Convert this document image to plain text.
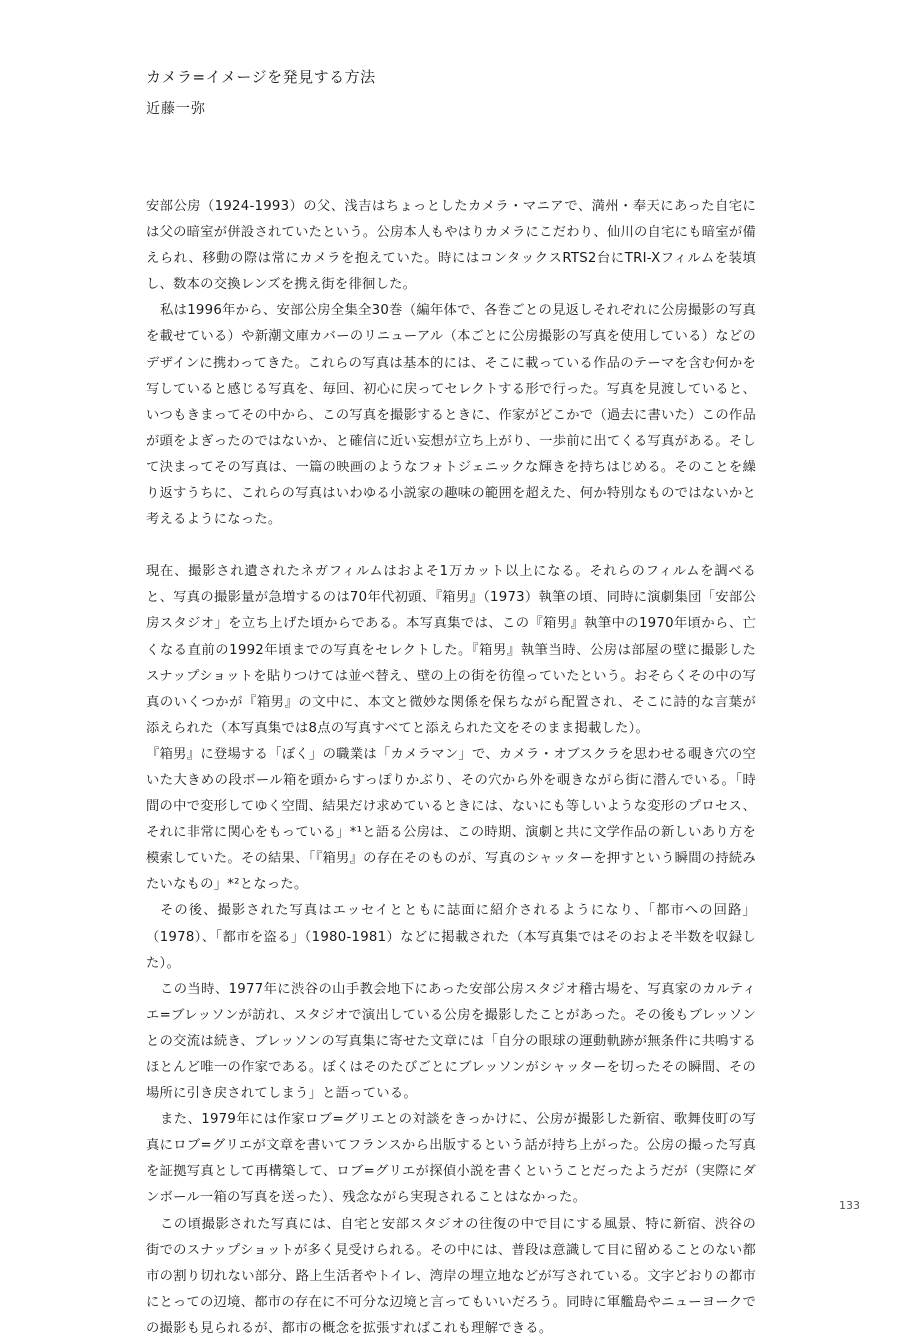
カメラ=イメージを発見する方法

近藤一弥

安部公房（1924-1993）の父、浅吉はちょっとしたカメラ・マニアで、満州・奉天にあった自宅には父の暗室が併設されていたという。公房本人もやはりカメラにこだわり、仙川の自宅にも暗室が備えられ、移動の際は常にカメラを抱えていた。時にはコンタックスRTS2台にTRI-Xフィルムを装填し、数本の交換レンズを携え街を徘徊した。

私は1996年から、安部公房全集全30巻（編年体で、各巻ごとの見返しそれぞれに公房撮影の写真を載せている）や新潮文庫カバーのリニューアル（本ごとに公房撮影の写真を使用している）などのデザインに携わってきた。これらの写真は基本的には、そこに載っている作品のテーマを含む何かを写していると感じる写真を、毎回、初心に戻ってセレクトする形で行った。写真を見渡していると、いつもきまってその中から、この写真を撮影するときに、作家がどこかで（過去に書いた）この作品が頭をよぎったのではないか、と確信に近い妄想が立ち上がり、一歩前に出てくる写真がある。そして決まってその写真は、一篇の映画のようなフォトジェニックな輝きを持ちはじめる。そのことを繰り返すうちに、これらの写真はいわゆる小説家の趣味の範囲を超えた、何か特別なものではないかと考えるようになった。

現在、撮影され遺されたネガフィルムはおよそ1万カット以上になる。それらのフィルムを調べると、写真の撮影量が急増するのは70年代初頭、『箱男』（1973）執筆の頃、同時に演劇集団「安部公房スタジオ」を立ち上げた頃からである。本写真集では、この『箱男』執筆中の1970年頃から、亡くなる直前の1992年頃までの写真をセレクトした。『箱男』執筆当時、公房は部屋の壁に撮影したスナップショットを貼りつけては並べ替え、壁の上の街を彷徨っていたという。おそらくその中の写真のいくつかが『箱男』の文中に、本文と微妙な関係を保ちながら配置され、そこに詩的な言葉が添えられた（本写真集では8点の写真すべてと添えられた文をそのまま掲載した）。

『箱男』に登場する「ぼく」の職業は「カメラマン」で、カメラ・オブスクラを思わせる覗き穴の空いた大きめの段ボール箱を頭からすっぽりかぶり、その穴から外を覗きながら街に潜んでいる。「時間の中で変形してゆく空間、結果だけ求めているときには、ないにも等しいような変形のプロセス、それに非常に関心をもっている」*¹と語る公房は、この時期、演劇と共に文学作品の新しいあり方を模索していた。その結果、「『箱男』の存在そのものが、写真のシャッターを押すという瞬間の持続みたいなもの」*²となった。

その後、撮影された写真はエッセイとともに誌面に紹介されるようになり、「都市への回路」（1978）、「都市を盗る」（1980-1981）などに掲載された（本写真集ではそのおよそ半数を収録した）。

この当時、1977年に渋谷の山手教会地下にあった安部公房スタジオ稽古場を、写真家のカルティエ=ブレッソンが訪れ、スタジオで演出している公房を撮影したことがあった。その後もブレッソンとの交流は続き、ブレッソンの写真集に寄せた文章には「自分の眼球の運動軌跡が無条件に共鳴するほとんど唯一の作家である。ぼくはそのたびごとにブレッソンがシャッターを切ったその瞬間、その場所に引き戻されてしまう」と語っている。

また、1979年には作家ロブ=グリエとの対談をきっかけに、公房が撮影した新宿、歌舞伎町の写真にロブ=グリエが文章を書いてフランスから出版するという話が持ち上がった。公房の撮った写真を証拠写真として再構築して、ロブ=グリエが探偵小説を書くということだったようだが（実際にダンボール一箱の写真を送った）、残念ながら実現されることはなかった。

この頃撮影された写真には、自宅と安部スタジオの往復の中で目にする風景、特に新宿、渋谷の街でのスナップショットが多く見受けられる。その中には、普段は意識して目に留めることのない都市の割り切れない部分、路上生活者やトイレ、湾岸の埋立地などが写されている。文字どおりの都市にとっての辺境、都市の存在に不可分な辺境と言ってもいいだろう。同時に軍艦島やニューヨークでの撮影も見られるが、都市の概念を拡張すればこれも理解できる。

133
